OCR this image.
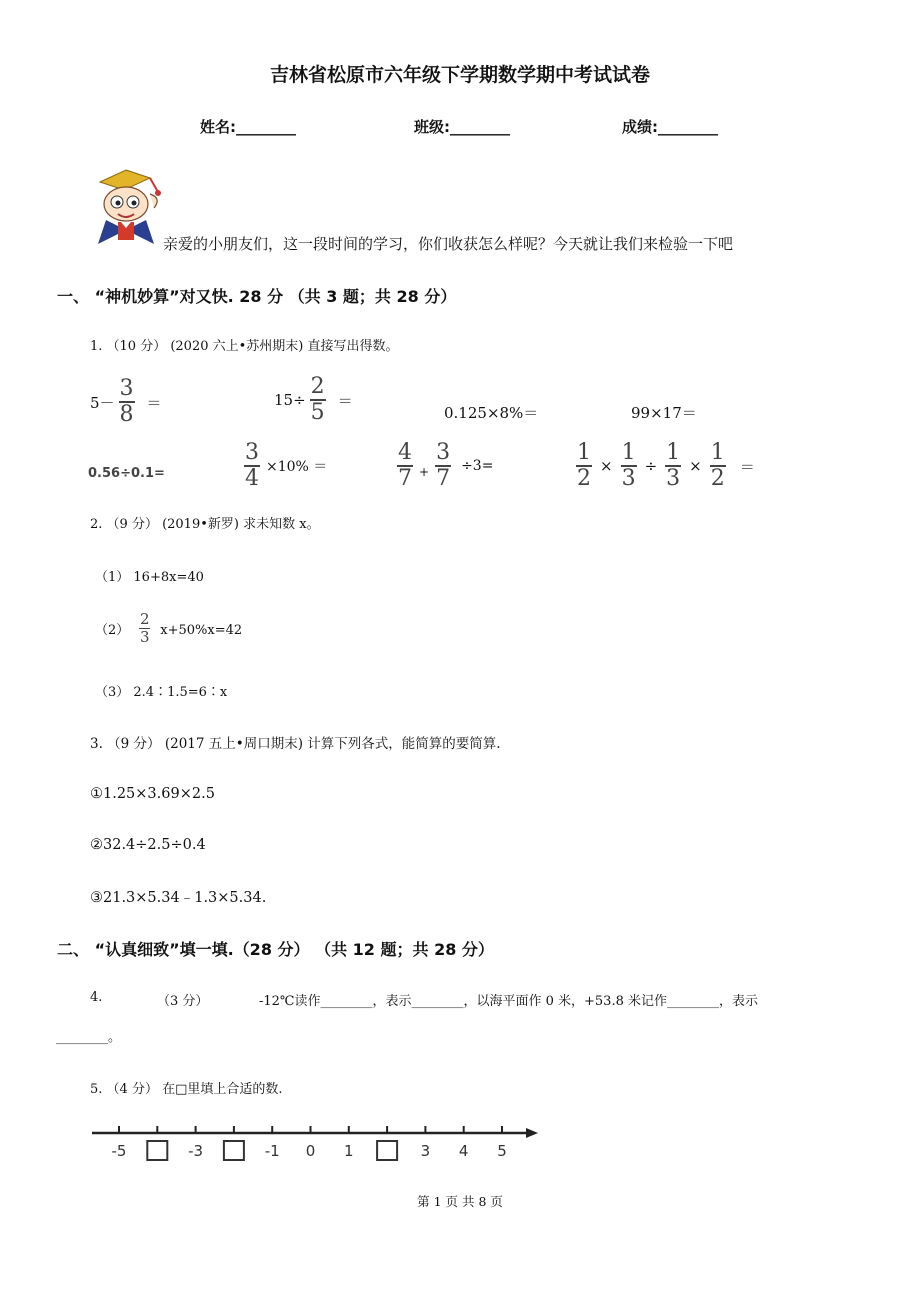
吉林省松原市六年级下学期数学期中考试试卷
姓名:________	班级:________	成绩:________
亲爱的小朋友们，这一段时间的学习，你们收获怎么样呢？今天就让我们来检验一下吧
一、 “神机妙算”对又快. 28 分 （共 3 题；共 28 分）
1. （10 分） (2020 六上•苏州期末) 直接写出得数。
$5- \frac{3}{8}$ ＝	$15\div \frac{2}{5}$ ＝
0.125×8%＝	99×17＝
0.56÷0.1=	$\frac{3}{4} \times 10\%$ ＝	$\frac{4}{7} + \frac{3}{7} \div 3=$	$\frac{1}{2} \times \frac{1}{3} \div \frac{1}{3} \times \frac{1}{2}$ ＝
2. （9 分） (2019•新罗) 求未知数 x。
（1） 16+8x=40
$(2) \frac{2}{3} x+50\%x=42$
（3） 2.4∶1.5=6∶x
3. （9 分） (2017 五上•周口期末) 计算下列各式，能简算的要简算.
①1.25×3.69×2.5
②32.4÷2.5÷0.4
③21.3×5.34﹣1.3×5.34.
二、 “认真细致”填一填.（28 分） （共 12 题；共 28 分）
4.	（3 分）	-12℃读作________，表示________，以海平面作 0 米，+53.8 米记作________，表示
________。
5. （4 分） 在□里填上合适的数.
-5	-3	-1 0 1	3 4 5
第 1 页 共 8 页
